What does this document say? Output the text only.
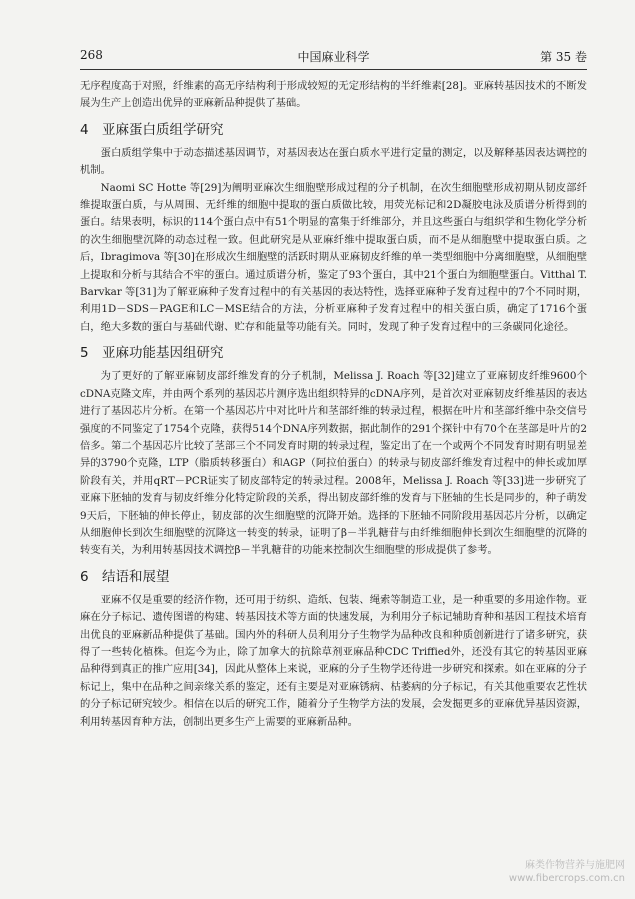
268	中国麻业科学	第 35 卷

无序程度高于对照，纤维素的高无序结构利于形成较短的无定形结构的半纤维素[28]。亚麻转基因技术的不断发展为生产上创造出优异的亚麻新品种提供了基础。

4 亚麻蛋白质组学研究

蛋白质组学集中于动态描述基因调节，对基因表达在蛋白质水平进行定量的测定，以及解释基因表达调控的机制。

Naomi SC Hotte 等[29]为阐明亚麻次生细胞壁形成过程的分子机制，在次生细胞壁形成初期从韧皮部纤维提取蛋白质，与从周围、无纤维的细胞中提取的蛋白质做比较，用荧光标记和2D凝胶电泳及质谱分析得到的蛋白。结果表明，标识的114个蛋白点中有51个明显的富集于纤维部分，并且这些蛋白与组织学和生物化学分析的次生细胞壁沉降的动态过程一致。但此研究是从亚麻纤维中提取蛋白质，而不是从细胞壁中提取蛋白质。之后，Ibragimova 等[30]在形成次生细胞壁的活跃时期从亚麻韧皮纤维的单一类型细胞中分离细胞壁，从细胞壁上提取和分析与其结合不牢的蛋白。通过质谱分析，鉴定了93个蛋白，其中21个蛋白为细胞壁蛋白。Vitthal T. Barvkar 等[31]为了解亚麻种子发育过程中的有关基因的表达特性，选择亚麻种子发育过程中的7个不同时期，利用1D－SDS－PAGE和LC－MSE结合的方法，分析亚麻种子发育过程中的相关蛋白质，确定了1716个蛋白，绝大多数的蛋白与基础代谢、贮存和能量等功能有关。同时，发现了种子发育过程中的三条碳同化途径。

5 亚麻功能基因组研究

为了更好的了解亚麻韧皮部纤维发育的分子机制，Melissa J. Roach 等[32]建立了亚麻韧皮纤维9600个cDNA克隆文库，并由两个系列的基因芯片测序选出组织特异的cDNA序列，是首次对亚麻韧皮纤维基因的表达进行了基因芯片分析。在第一个基因芯片中对比叶片和茎部纤维的转录过程，根据在叶片和茎部纤维中杂交信号强度的不同鉴定了1754个克隆，获得514个DNA序列数据，据此制作的291个探针中有70个在茎部是叶片的2倍多。第二个基因芯片比较了茎部三个不同发育时期的转录过程，鉴定出了在一个或两个不同发育时期有明显差异的3790个克隆，LTP（脂质转移蛋白）和AGP（阿拉伯蛋白）的转录与韧皮部纤维发育过程中的伸长或加厚阶段有关，并用qRT－PCR证实了韧皮部特定的转录过程。2008年，Melissa J. Roach 等[33]进一步研究了亚麻下胚轴的发育与韧皮纤维分化特定阶段的关系，得出韧皮部纤维的发育与下胚轴的生长是同步的，种子萌发9天后，下胚轴的伸长停止，韧皮部的次生细胞壁的沉降开始。选择的下胚轴不同阶段用基因芯片分析，以确定从细胞伸长到次生细胞壁的沉降这一转变的转录，证明了β－半乳糖苷与由纤维细胞伸长到次生细胞壁的沉降的转变有关，为利用转基因技术调控β－半乳糖苷的功能来控制次生细胞壁的形成提供了参考。

6 结语和展望

亚麻不仅是重要的经济作物，还可用于纺织、造纸、包装、绳索等制造工业，是一种重要的多用途作物。亚麻在分子标记、遗传图谱的构建、转基因技术等方面的快速发展，为利用分子标记辅助育种和基因工程技术培育出优良的亚麻新品种提供了基础。国内外的科研人员利用分子生物学为品种改良和种质创新进行了诸多研究，获得了一些转化植株。但迄今为止，除了加拿大的抗除草剂亚麻品种CDC Triffied外，还没有其它的转基因亚麻品种得到真正的推广应用[34]，因此从整体上来说，亚麻的分子生物学还待进一步研究和探索。如在亚麻的分子标记上，集中在品种之间亲缘关系的鉴定，还有主要是对亚麻锈病、枯萎病的分子标记，有关其他重要农艺性状的分子标记研究较少。相信在以后的研究工作，随着分子生物学方法的发展，会发掘更多的亚麻优异基因资源，利用转基因育种方法，创制出更多生产上需要的亚麻新品种。

麻类作物营养与施肥网
www.fibercrops.com.cn
